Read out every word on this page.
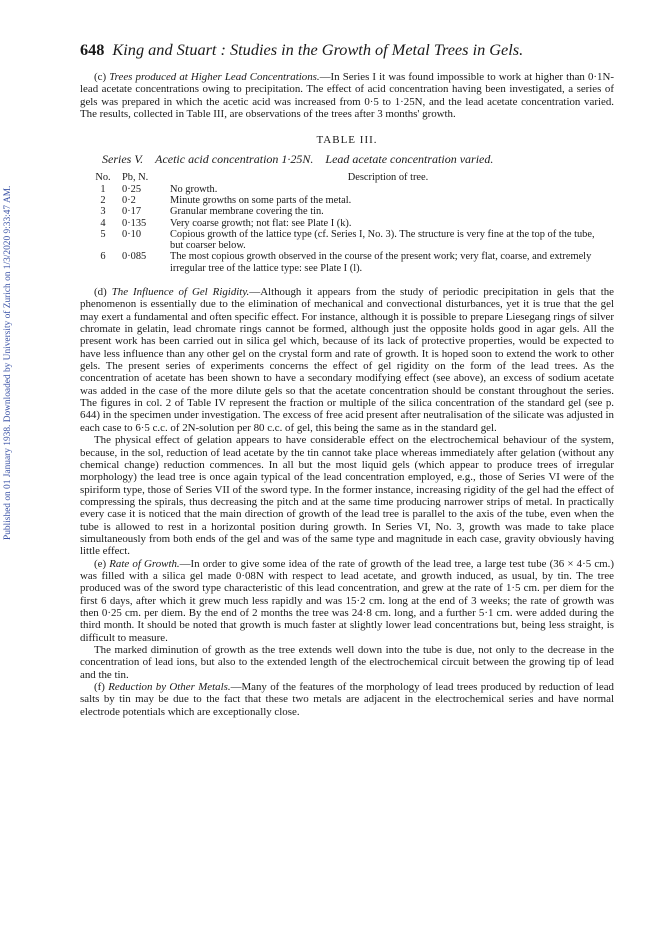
Published on 01 January 1938. Downloaded by University of Zurich on 1/3/2020 9:33:47 AM.
648 King and Stuart : Studies in the Growth of Metal Trees in Gels.

(c) Trees produced at Higher Lead Concentrations.—In Series I it was found impossible to work at higher than 0·1N-lead acetate concentrations owing to precipitation. The effect of acid concentration having been investigated, a series of gels was prepared in which the acetic acid was increased from 0·5 to 1·25N, and the lead acetate concentration varied. The results, collected in Table III, are observations of the trees after 3 months' growth.

TABLE III.
Series V. Acetic acid concentration 1·25N. Lead acetate concentration varied.
No.	Pb, N.	Description of tree.
1	0·25	No growth.
2	0·2	Minute growths on some parts of the metal.
3	0·17	Granular membrane covering the tin.
4	0·135	Very coarse growth; not flat: see Plate I (k).
5	0·10	Copious growth of the lattice type (cf. Series I, No. 3). The structure is very fine at the top of the tube, but coarser below.
6	0·085	The most copious growth observed in the course of the present work; very flat, coarse, and extremely irregular tree of the lattice type: see Plate I (l).

(d) The Influence of Gel Rigidity.—Although it appears from the study of periodic precipitation in gels that the phenomenon is essentially due to the elimination of mechanical and convectional disturbances, yet it is true that the gel may exert a fundamental and often specific effect. For instance, although it is possible to prepare Liesegang rings of silver chromate in gelatin, lead chromate rings cannot be formed, although just the opposite holds good in agar gels. All the present work has been carried out in silica gel which, because of its lack of protective properties, would be expected to have less influence than any other gel on the crystal form and rate of growth. It is hoped soon to extend the work to other gels. The present series of experiments concerns the effect of gel rigidity on the form of the lead trees. As the concentration of acetate has been shown to have a secondary modifying effect (see above), an excess of sodium acetate was added in the case of the more dilute gels so that the acetate concentration should be constant throughout the series. The figures in col. 2 of Table IV represent the fraction or multiple of the silica concentration of the standard gel (see p. 644) in the specimen under investigation. The excess of free acid present after neutralisation of the silicate was adjusted in each case to 6·5 c.c. of 2N-solution per 80 c.c. of gel, this being the same as in the standard gel.

The physical effect of gelation appears to have considerable effect on the electrochemical behaviour of the system, because, in the sol, reduction of lead acetate by the tin cannot take place whereas immediately after gelation (without any chemical change) reduction commences. In all but the most liquid gels (which appear to produce trees of irregular morphology) the lead tree is once again typical of the lead concentration employed, e.g., those of Series VI were of the spiriform type, those of Series VII of the sword type. In the former instance, increasing rigidity of the gel had the effect of compressing the spirals, thus decreasing the pitch and at the same time producing narrower strips of metal. In practically every case it is noticed that the main direction of growth of the lead tree is parallel to the axis of the tube, even when the tube is allowed to rest in a horizontal position during growth. In Series VI, No. 3, growth was made to take place simultaneously from both ends of the gel and was of the same type and magnitude in each case, gravity obviously having little effect.

(e) Rate of Growth.—In order to give some idea of the rate of growth of the lead tree, a large test tube (36 × 4·5 cm.) was filled with a silica gel made 0·08N with respect to lead acetate, and growth induced, as usual, by tin. The tree produced was of the sword type characteristic of this lead concentration, and grew at the rate of 1·5 cm. per diem for the first 6 days, after which it grew much less rapidly and was 15·2 cm. long at the end of 3 weeks; the rate of growth was then 0·25 cm. per diem. By the end of 2 months the tree was 24·8 cm. long, and a further 5·1 cm. were added during the third month. It should be noted that growth is much faster at slightly lower lead concentrations but, being less straight, is difficult to measure.

The marked diminution of growth as the tree extends well down into the tube is due, not only to the decrease in the concentration of lead ions, but also to the extended length of the electrochemical circuit between the growing tip of lead and the tin.

(f) Reduction by Other Metals.—Many of the features of the morphology of lead trees produced by reduction of lead salts by tin may be due to the fact that these two metals are adjacent in the electrochemical series and have normal electrode potentials which are exceptionally close.
